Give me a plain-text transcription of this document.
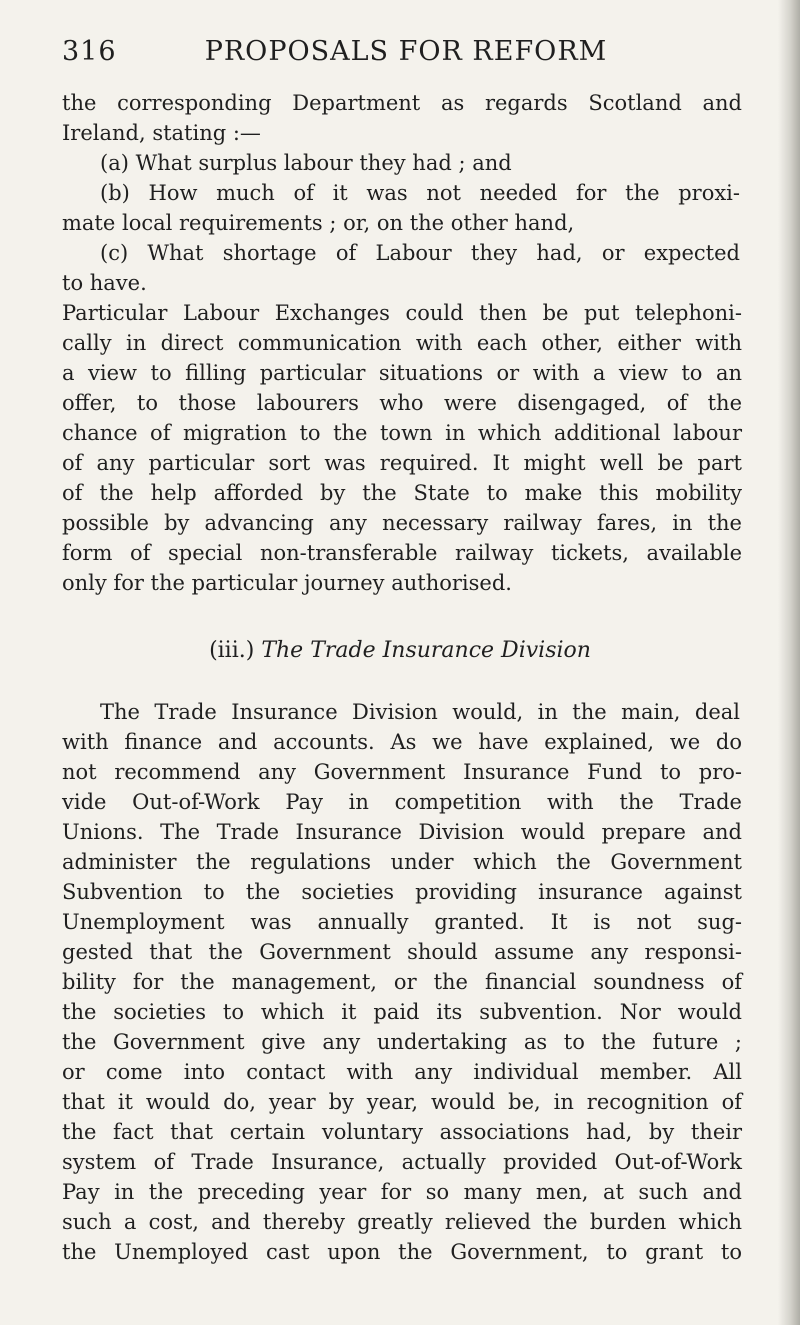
316	PROPOSALS FOR REFORM
the corresponding Department as regards Scotland and
Ireland, stating :—
(a) What surplus labour they had ; and
(b) How much of it was not needed for the proxi-
mate local requirements ; or, on the other hand,
(c) What shortage of Labour they had, or expected
to have.
Particular Labour Exchanges could then be put telephoni-
cally in direct communication with each other, either with
a view to filling particular situations or with a view to an
offer, to those labourers who were disengaged, of the
chance of migration to the town in which additional labour
of any particular sort was required. It might well be part
of the help afforded by the State to make this mobility
possible by advancing any necessary railway fares, in the
form of special non-transferable railway tickets, available
only for the particular journey authorised.
(iii.) The Trade Insurance Division
The Trade Insurance Division would, in the main, deal
with finance and accounts. As we have explained, we do
not recommend any Government Insurance Fund to pro-
vide Out-of-Work Pay in competition with the Trade
Unions. The Trade Insurance Division would prepare and
administer the regulations under which the Government
Subvention to the societies providing insurance against
Unemployment was annually granted. It is not sug-
gested that the Government should assume any responsi-
bility for the management, or the financial soundness of
the societies to which it paid its subvention. Nor would
the Government give any undertaking as to the future ;
or come into contact with any individual member. All
that it would do, year by year, would be, in recognition of
the fact that certain voluntary associations had, by their
system of Trade Insurance, actually provided Out-of-Work
Pay in the preceding year for so many men, at such and
such a cost, and thereby greatly relieved the burden which
the Unemployed cast upon the Government, to grant to
